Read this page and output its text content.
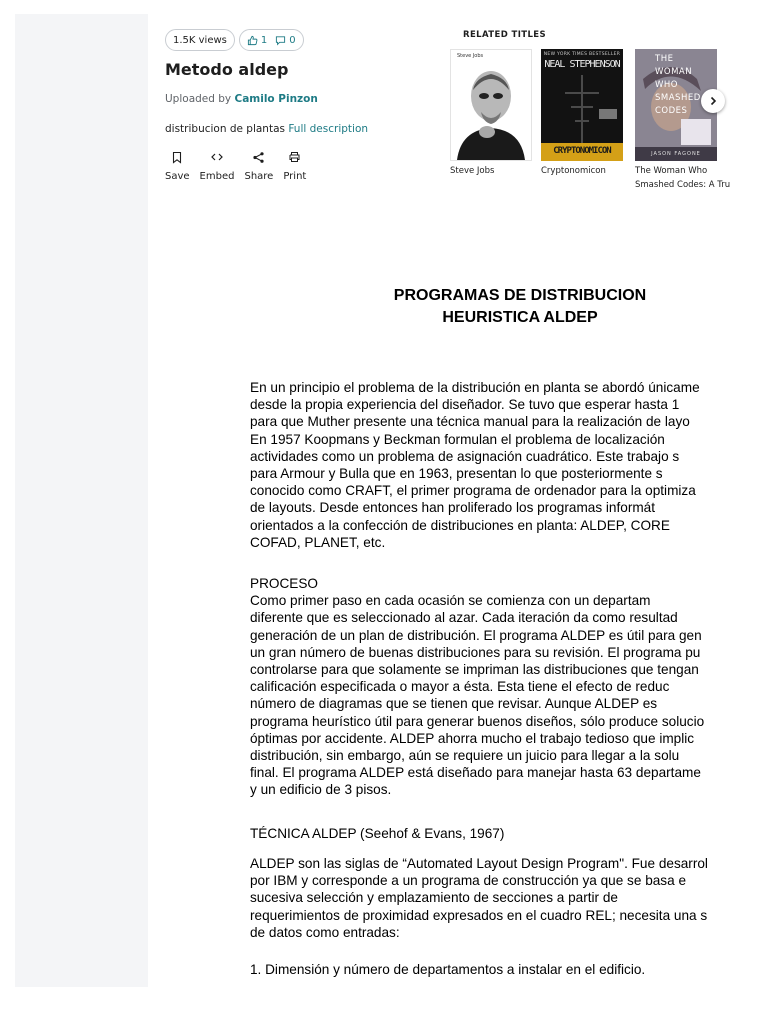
1.5K views	1 0
Metodo aldep
Uploaded by Camilo Pinzon
distribucion de plantas Full description
Save Embed Share Print
RELATED TITLES
Steve Jobs
Steve Jobs
NEW YORK TIMES BESTSELLER
NEAL STEPHENSON
CRYPTONOMICON
Cryptonomicon
THE
WOMAN
WHO
SMASHED
CODES
JASON FAGONE
The Woman Who
Smashed Codes: A Tru
PROGRAMAS DE DISTRIBUCION
HEURISTICA ALDEP
En un principio el problema de la distribución en planta se abordó únicame
desde la propia experiencia del diseñador. Se tuvo que esperar hasta 1
para que Muther presente una técnica manual para la realización de layo
En 1957 Koopmans y Beckman formulan el problema de localización
actividades como un problema de asignación cuadrático. Este trabajo s
para Armour y Bulla que en 1963, presentan lo que posteriormente s
conocido como CRAFT, el primer programa de ordenador para la optimiza
de layouts. Desde entonces han proliferado los programas informát
orientados a la confección de distribuciones en planta: ALDEP, CORE
COFAD, PLANET, etc.
PROCESO
Como primer paso en cada ocasión se comienza con un departam
diferente que es seleccionado al azar. Cada iteración da como resultad
generación de un plan de distribución. El programa ALDEP es útil para gen
un gran número de buenas distribuciones para su revisión. El programa pu
controlarse para que solamente se impriman las distribuciones que tengan
calificación especificada o mayor a ésta. Esta tiene el efecto de reduc
número de diagramas que se tienen que revisar. Aunque ALDEP es
programa heurístico útil para generar buenos diseños, sólo produce solucio
óptimas por accidente. ALDEP ahorra mucho el trabajo tedioso que implic
distribución, sin embargo, aún se requiere un juicio para llegar a la solu
final. El programa ALDEP está diseñado para manejar hasta 63 departame
y un edificio de 3 pisos.
TÉCNICA ALDEP (Seehof & Evans, 1967)
ALDEP son las siglas de “Automated Layout Design Program". Fue desarrol
por IBM y corresponde a un programa de construcción ya que se basa e
sucesiva selección y emplazamiento de secciones a partir de
requerimientos de proximidad expresados en el cuadro REL; necesita una s
de datos como entradas:
1. Dimensión y número de departamentos a instalar en el edificio.
